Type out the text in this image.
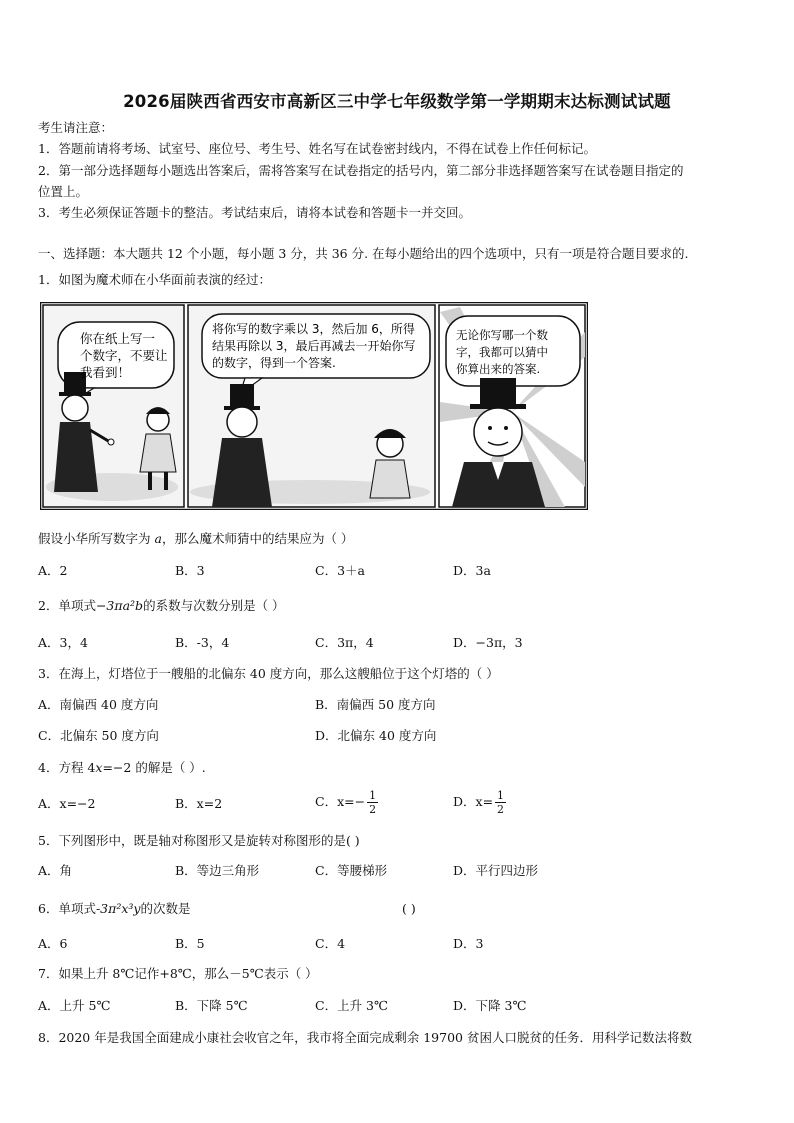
2026届陕西省西安市高新区三中学七年级数学第一学期期末达标测试试题
考生请注意：
1．答题前请将考场、试室号、座位号、考生号、姓名写在试卷密封线内，不得在试卷上作任何标记。
2．第一部分选择题每小题选出答案后，需将答案写在试卷指定的括号内，第二部分非选择题答案写在试卷题目指定的
位置上。
3．考生必须保证答题卡的整洁。考试结束后，请将本试卷和答题卡一并交回。
一、选择题：本大题共 12 个小题，每小题 3 分，共 36 分. 在每小题给出的四个选项中，只有一项是符合题目要求的.
1．如图为魔术师在小华面前表演的经过：
你在纸上写一
个数字，不要让
我看到！
将你写的数字乘以 3，然后加 6，所得
结果再除以 3，最后再减去一开始你写
的数字，得到一个答案.
无论你写哪一个数
字，我都可以猜中
你算出来的答案.
假设小华所写数字为 a，那么魔术师猜中的结果应为（ ）
A．2	B．3	C．3＋a	D．3a
2．单项式−3πa²b的系数与次数分别是（ ）
A．3，4	B．-3，4	C．3π，4	D．−3π，3
3．在海上，灯塔位于一艘船的北偏东 40 度方向，那么这艘船位于这个灯塔的（ ）
A．南偏西 40 度方向	B．南偏西 50 度方向
C．北偏东 50 度方向	D．北偏东 40 度方向
4．方程 4x=−2 的解是（ ）.
A．x=−2	B．x=2	C．$x=- \frac{1}{2}$	D．$x= \frac{1}{2}$
5．下列图形中，既是轴对称图形又是旋转对称图形的是( )
A．角	B．等边三角形	C．等腰梯形	D．平行四边形
6．单项式-3π²x³y的次数是	( )
A．6	B．5	C．4	D．3
7．如果上升 8℃记作+8℃，那么－5℃表示（ ）
A．上升 5℃	B．下降 5℃	C．上升 3℃	D．下降 3℃
8．2020 年是我国全面建成小康社会收官之年，我市将全面完成剩余 19700 贫困人口脱贫的任务．用科学记数法将数
